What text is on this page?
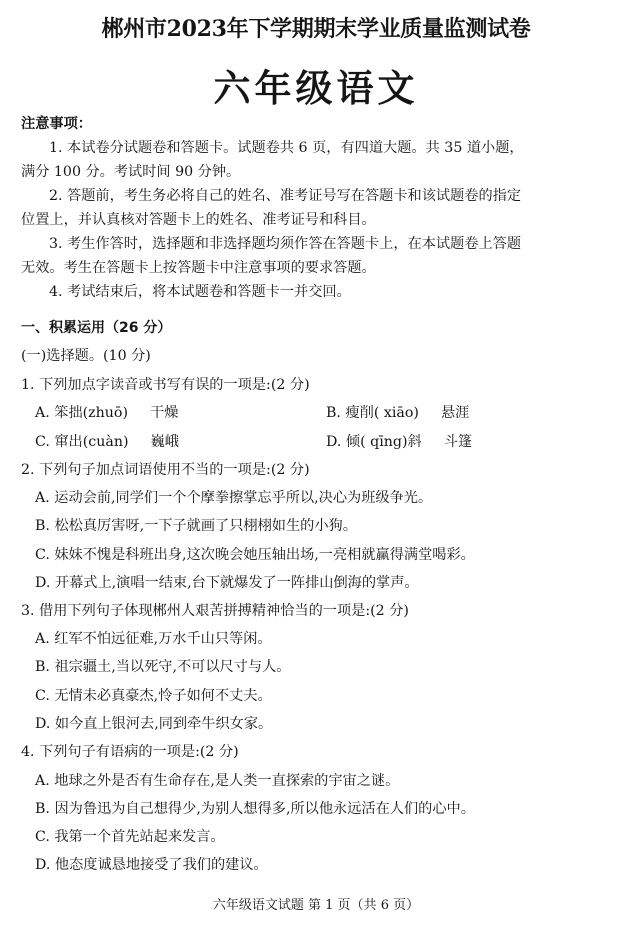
郴州市2023年下学期期末学业质量监测试卷
六年级语文
注意事项：
1. 本试卷分试题卷和答题卡。试题卷共 6 页，有四道大题。共 35 道小题，
满分 100 分。考试时间 90 分钟。
2. 答题前，考生务必将自己的姓名、准考证号写在答题卡和该试题卷的指定
位置上，并认真核对答题卡上的姓名、准考证号和科目。
3. 考生作答时，选择题和非选择题均须作答在答题卡上，在本试题卷上答题
无效。考生在答题卡上按答题卡中注意事项的要求答题。
4. 考试结束后，将本试题卷和答题卡一并交回。
一、积累运用（26 分）
(一)选择题。(10 分)
1. 下列加点字读音或书写有误的一项是:(2 分)
A. 笨拙(zhuō) 干燥	B. 瘦削( xiāo) 悬涯
C. 窜出(cuàn) 巍峨	D. 倾( qīng)斜 斗篷
2. 下列句子加点词语使用不当的一项是:(2 分)
A. 运动会前,同学们一个个摩拳擦掌忘乎所以,决心为班级争光。
B. 松松真厉害呀,一下子就画了只栩栩如生的小狗。
C. 妹妹不愧是科班出身,这次晚会她压轴出场,一亮相就赢得满堂喝彩。
D. 开幕式上,演唱一结束,台下就爆发了一阵排山倒海的掌声。
3. 借用下列句子体现郴州人艰苦拼搏精神恰当的一项是:(2 分)
A. 红军不怕远征难,万水千山只等闲。
B. 祖宗疆土,当以死守,不可以尺寸与人。
C. 无情未必真豪杰,怜子如何不丈夫。
D. 如今直上银河去,同到牵牛织女家。
4. 下列句子有语病的一项是:(2 分)
A. 地球之外是否有生命存在,是人类一直探索的宇宙之谜。
B. 因为鲁迅为自己想得少,为别人想得多,所以他永远活在人们的心中。
C. 我第一个首先站起来发言。
D. 他态度诚恳地接受了我们的建议。
六年级语文试题 第 1 页（共 6 页）
